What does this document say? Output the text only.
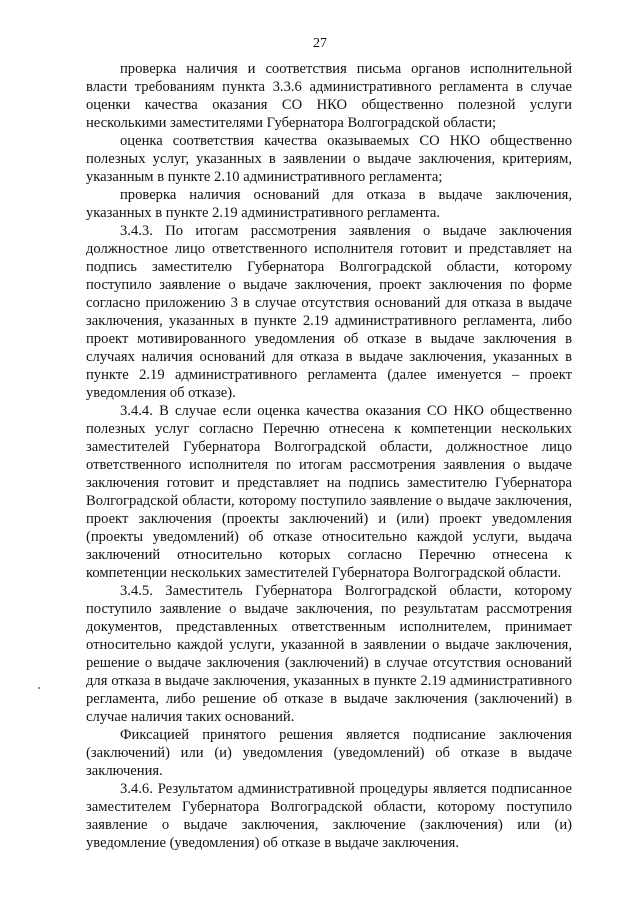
27

проверка наличия и соответствия письма органов исполнительной власти требованиям пункта 3.3.6 административного регламента в случае оценки качества оказания СО НКО общественно полезной услуги несколькими заместителями Губернатора Волгоградской области;

оценка соответствия качества оказываемых СО НКО общественно полезных услуг, указанных в заявлении о выдаче заключения, критериям, указанным в пункте 2.10 административного регламента;

проверка наличия оснований для отказа в выдаче заключения, указанных в пункте 2.19 административного регламента.

3.4.3. По итогам рассмотрения заявления о выдаче заключения должностное лицо ответственного исполнителя готовит и представляет на подпись заместителю Губернатора Волгоградской области, которому поступило заявление о выдаче заключения, проект заключения по форме согласно приложению 3 в случае отсутствия оснований для отказа в выдаче заключения, указанных в пункте 2.19 административного регламента, либо проект мотивированного уведомления об отказе в выдаче заключения в случаях наличия оснований для отказа в выдаче заключения, указанных в пункте 2.19 административного регламента (далее именуется – проект уведомления об отказе).

3.4.4. В случае если оценка качества оказания СО НКО общественно полезных услуг согласно Перечню отнесена к компетенции нескольких заместителей Губернатора Волгоградской области, должностное лицо ответственного исполнителя по итогам рассмотрения заявления о выдаче заключения готовит и представляет на подпись заместителю Губернатора Волгоградской области, которому поступило заявление о выдаче заключения, проект заключения (проекты заключений) и (или) проект уведомления (проекты уведомлений) об отказе относительно каждой услуги, выдача заключений относительно которых согласно Перечню отнесена к компетенции нескольких заместителей Губернатора Волгоградской области.

3.4.5. Заместитель Губернатора Волгоградской области, которому поступило заявление о выдаче заключения, по результатам рассмотрения документов, представленных ответственным исполнителем, принимает относительно каждой услуги, указанной в заявлении о выдаче заключения, решение о выдаче заключения (заключений) в случае отсутствия оснований для отказа в выдаче заключения, указанных в пункте 2.19 административного регламента, либо решение об отказе в выдаче заключения (заключений) в случае наличия таких оснований.

Фиксацией принятого решения является подписание заключения (заключений) или (и) уведомления (уведомлений) об отказе в выдаче заключения.

3.4.6. Результатом административной процедуры является подписанное заместителем Губернатора Волгоградской области, которому поступило заявление о выдаче заключения, заключение (заключения) или (и) уведомление (уведомления) об отказе в выдаче заключения.
